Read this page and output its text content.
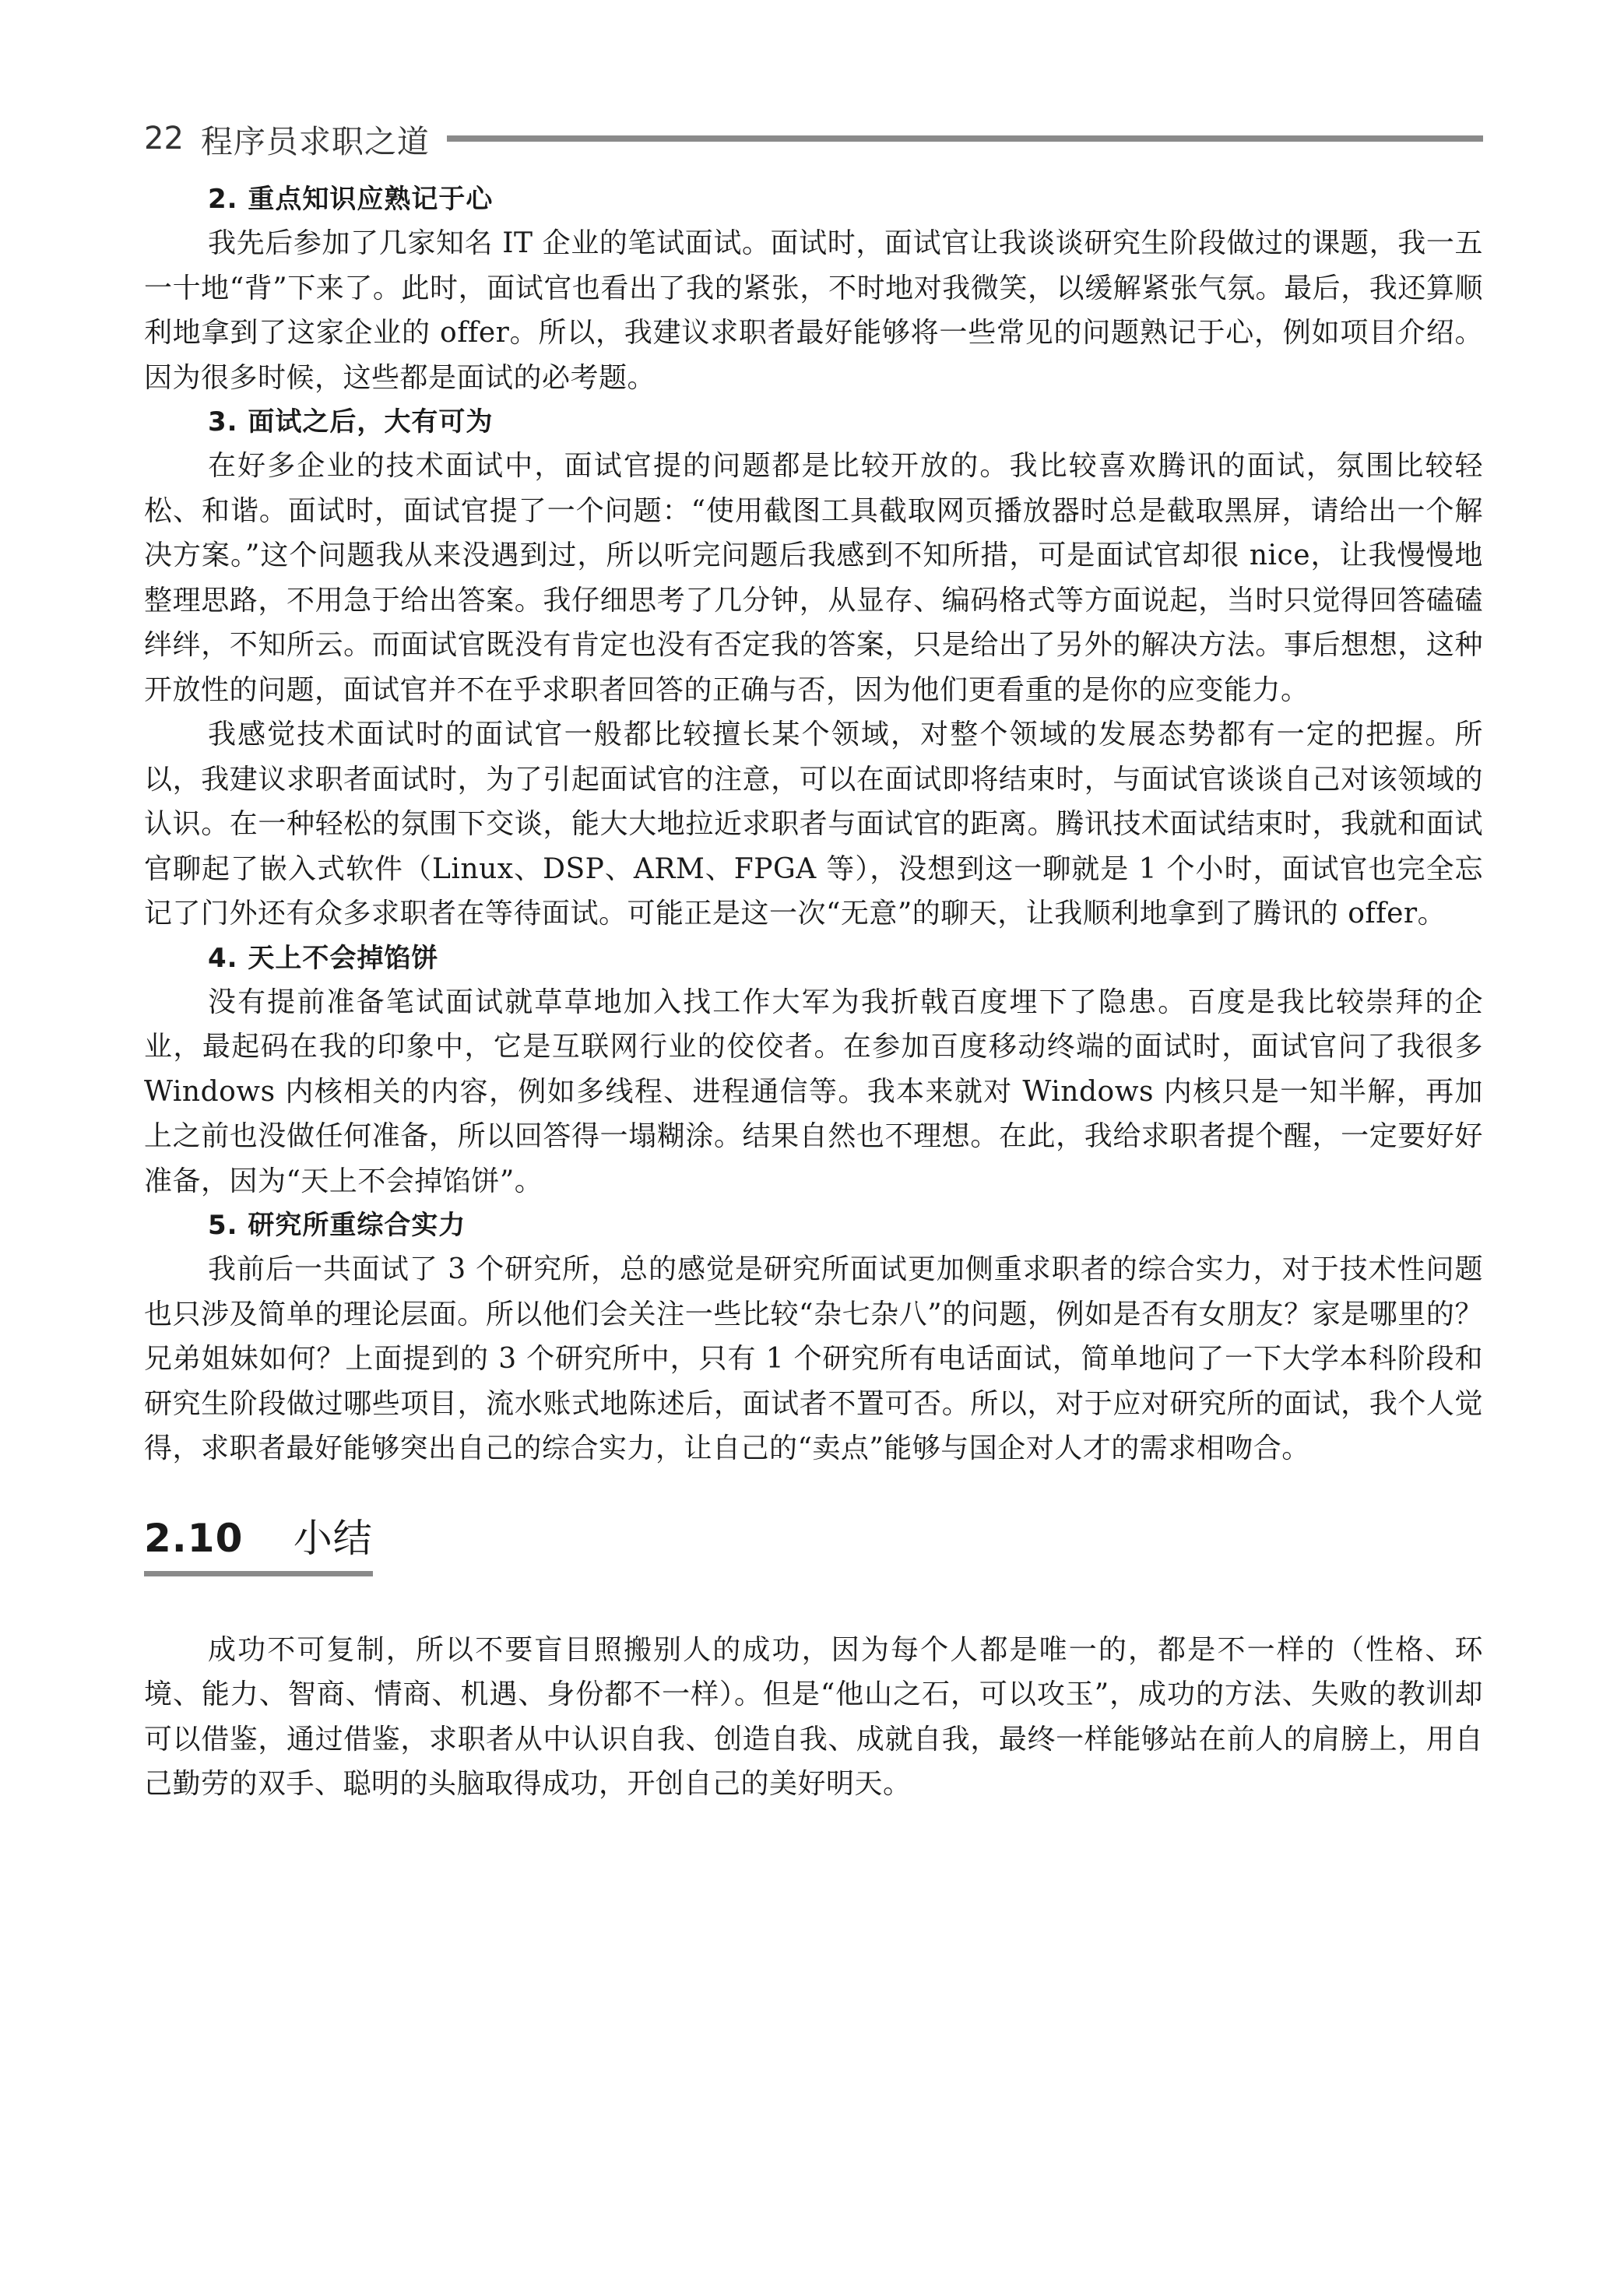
22 程序员求职之道
2. 重点知识应熟记于心

我先后参加了几家知名 IT 企业的笔试面试。面试时，面试官让我谈谈研究生阶段做过的课题，我一五一十地“背”下来了。此时，面试官也看出了我的紧张，不时地对我微笑，以缓解紧张气氛。最后，我还算顺利地拿到了这家企业的 offer。所以，我建议求职者最好能够将一些常见的问题熟记于心，例如项目介绍。因为很多时候，这些都是面试的必考题。

3. 面试之后，大有可为

在好多企业的技术面试中，面试官提的问题都是比较开放的。我比较喜欢腾讯的面试，氛围比较轻松、和谐。面试时，面试官提了一个问题：“使用截图工具截取网页播放器时总是截取黑屏，请给出一个解决方案。”这个问题我从来没遇到过，所以听完问题后我感到不知所措，可是面试官却很 nice，让我慢慢地整理思路，不用急于给出答案。我仔细思考了几分钟，从显存、编码格式等方面说起，当时只觉得回答磕磕绊绊，不知所云。而面试官既没有肯定也没有否定我的答案，只是给出了另外的解决方法。事后想想，这种开放性的问题，面试官并不在乎求职者回答的正确与否，因为他们更看重的是你的应变能力。

我感觉技术面试时的面试官一般都比较擅长某个领域，对整个领域的发展态势都有一定的把握。所以，我建议求职者面试时，为了引起面试官的注意，可以在面试即将结束时，与面试官谈谈自己对该领域的认识。在一种轻松的氛围下交谈，能大大地拉近求职者与面试官的距离。腾讯技术面试结束时，我就和面试官聊起了嵌入式软件（Linux、DSP、ARM、FPGA 等），没想到这一聊就是 1 个小时，面试官也完全忘记了门外还有众多求职者在等待面试。可能正是这一次“无意”的聊天，让我顺利地拿到了腾讯的 offer。

4. 天上不会掉馅饼

没有提前准备笔试面试就草草地加入找工作大军为我折戟百度埋下了隐患。百度是我比较崇拜的企业，最起码在我的印象中，它是互联网行业的佼佼者。在参加百度移动终端的面试时，面试官问了我很多 Windows 内核相关的内容，例如多线程、进程通信等。我本来就对 Windows 内核只是一知半解，再加上之前也没做任何准备，所以回答得一塌糊涂。结果自然也不理想。在此，我给求职者提个醒，一定要好好准备，因为“天上不会掉馅饼”。

5. 研究所重综合实力

我前后一共面试了 3 个研究所，总的感觉是研究所面试更加侧重求职者的综合实力，对于技术性问题也只涉及简单的理论层面。所以他们会关注一些比较“杂七杂八”的问题，例如是否有女朋友？家是哪里的？兄弟姐妹如何？上面提到的 3 个研究所中，只有 1 个研究所有电话面试，简单地问了一下大学本科阶段和研究生阶段做过哪些项目，流水账式地陈述后，面试者不置可否。所以，对于应对研究所的面试，我个人觉得，求职者最好能够突出自己的综合实力，让自己的“卖点”能够与国企对人才的需求相吻合。

2.10 小结

成功不可复制，所以不要盲目照搬别人的成功，因为每个人都是唯一的，都是不一样的（性格、环境、能力、智商、情商、机遇、身份都不一样）。但是“他山之石，可以攻玉”，成功的方法、失败的教训却可以借鉴，通过借鉴，求职者从中认识自我、创造自我、成就自我，最终一样能够站在前人的肩膀上，用自己勤劳的双手、聪明的头脑取得成功，开创自己的美好明天。
